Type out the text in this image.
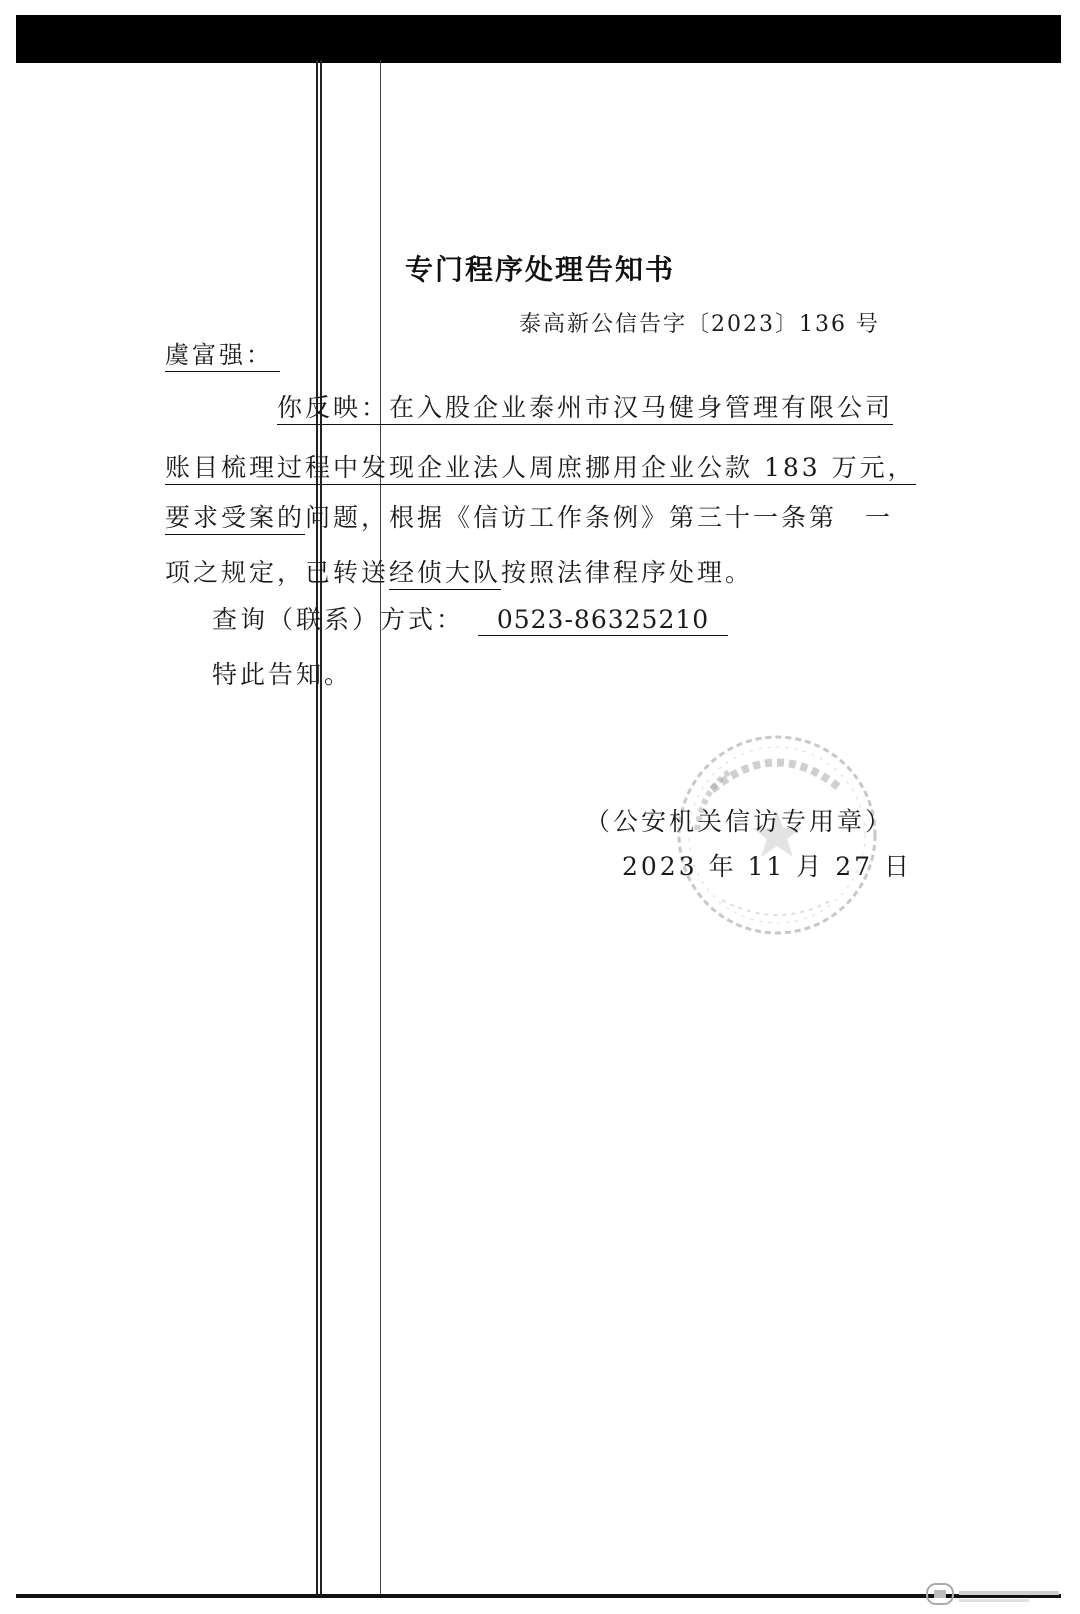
专门程序处理告知书
泰高新公信告字〔2023〕136 号
虞富强：
你反映：在入股企业泰州市汉马健身管理有限公司
账目梳理过程中发现企业法人周庶挪用企业公款 183 万元，
要求受案的问题，根据《信访工作条例》第三十一条第　一
项之规定，已转送经侦大队按照法律程序处理。
查询（联系）方式： 0523-86325210
特此告知。
（公安机关信访专用章）
2023 年 11 月 27 日
